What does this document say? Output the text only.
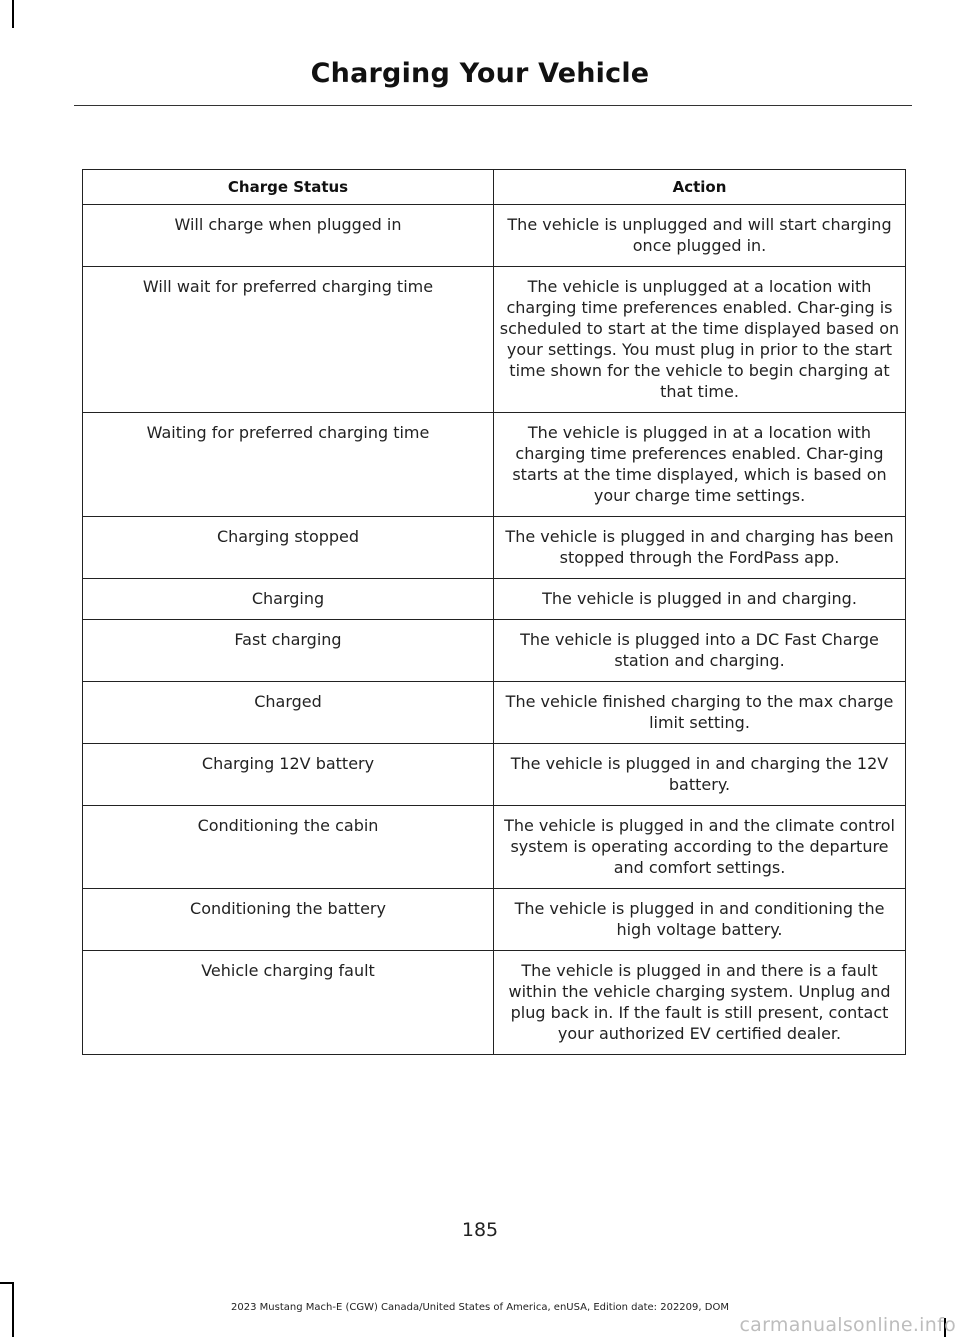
Charging Your Vehicle
Charge Status	Action
Will charge when plugged in	The vehicle is unplugged and will start charging once plugged in.
Will wait for preferred charging time	The vehicle is unplugged at a location with charging time preferences enabled. Char-ging is scheduled to start at the time displayed based on your settings. You must plug in prior to the start time shown for the vehicle to begin charging at that time.
Waiting for preferred charging time	The vehicle is plugged in at a location with charging time preferences enabled. Char-ging starts at the time displayed, which is based on your charge time settings.
Charging stopped	The vehicle is plugged in and charging has been stopped through the FordPass app.
Charging	The vehicle is plugged in and charging.
Fast charging	The vehicle is plugged into a DC Fast Charge station and charging.
Charged	The vehicle finished charging to the max charge limit setting.
Charging 12V battery	The vehicle is plugged in and charging the 12V battery.
Conditioning the cabin	The vehicle is plugged in and the climate control system is operating according to the departure and comfort settings.
Conditioning the battery	The vehicle is plugged in and conditioning the high voltage battery.
Vehicle charging fault	The vehicle is plugged in and there is a fault within the vehicle charging system. Unplug and plug back in. If the fault is still present, contact your authorized EV certified dealer.
185
2023 Mustang Mach-E (CGW) Canada/United States of America, enUSA, Edition date: 202209, DOM
carmanualsonline.info
